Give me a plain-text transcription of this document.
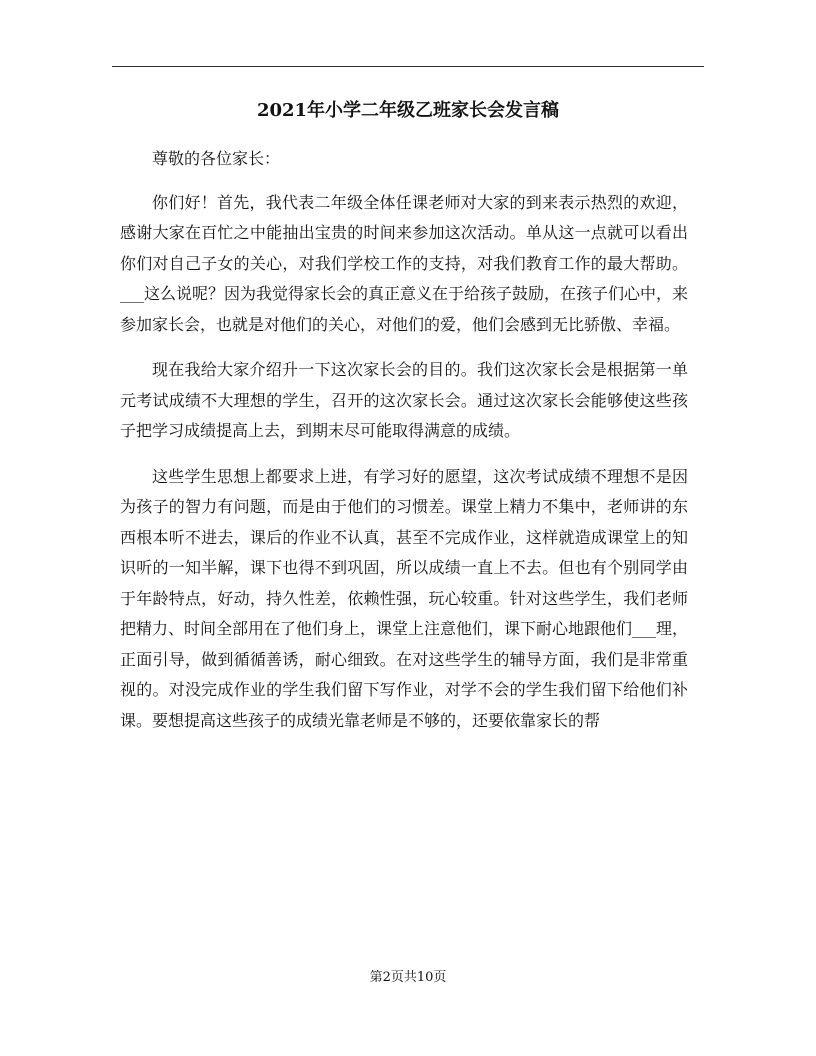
2021年小学二年级乙班家长会发言稿

尊敬的各位家长：

你们好！首先，我代表二年级全体任课老师对大家的到来表示热烈的欢迎，感谢大家在百忙之中能抽出宝贵的时间来参加这次活动。单从这一点就可以看出你们对自己子女的关心，对我们学校工作的支持，对我们教育工作的最大帮助。___这么说呢？因为我觉得家长会的真正意义在于给孩子鼓励，在孩子们心中，来参加家长会，也就是对他们的关心，对他们的爱，他们会感到无比骄傲、幸福。

现在我给大家介绍升一下这次家长会的目的。我们这次家长会是根据第一单元考试成绩不大理想的学生，召开的这次家长会。通过这次家长会能够使这些孩子把学习成绩提高上去，到期末尽可能取得满意的成绩。

这些学生思想上都要求上进，有学习好的愿望，这次考试成绩不理想不是因为孩子的智力有问题，而是由于他们的习惯差。课堂上精力不集中，老师讲的东西根本听不进去，课后的作业不认真，甚至不完成作业，这样就造成课堂上的知识听的一知半解，课下也得不到巩固，所以成绩一直上不去。但也有个别同学由于年龄特点，好动，持久性差，依赖性强，玩心较重。针对这些学生，我们老师把精力、时间全部用在了他们身上，课堂上注意他们，课下耐心地跟他们___理，正面引导，做到循循善诱，耐心细致。在对这些学生的辅导方面，我们是非常重视的。对没完成作业的学生我们留下写作业，对学不会的学生我们留下给他们补课。要想提高这些孩子的成绩光靠老师是不够的，还要依靠家长的帮

第2页共10页
